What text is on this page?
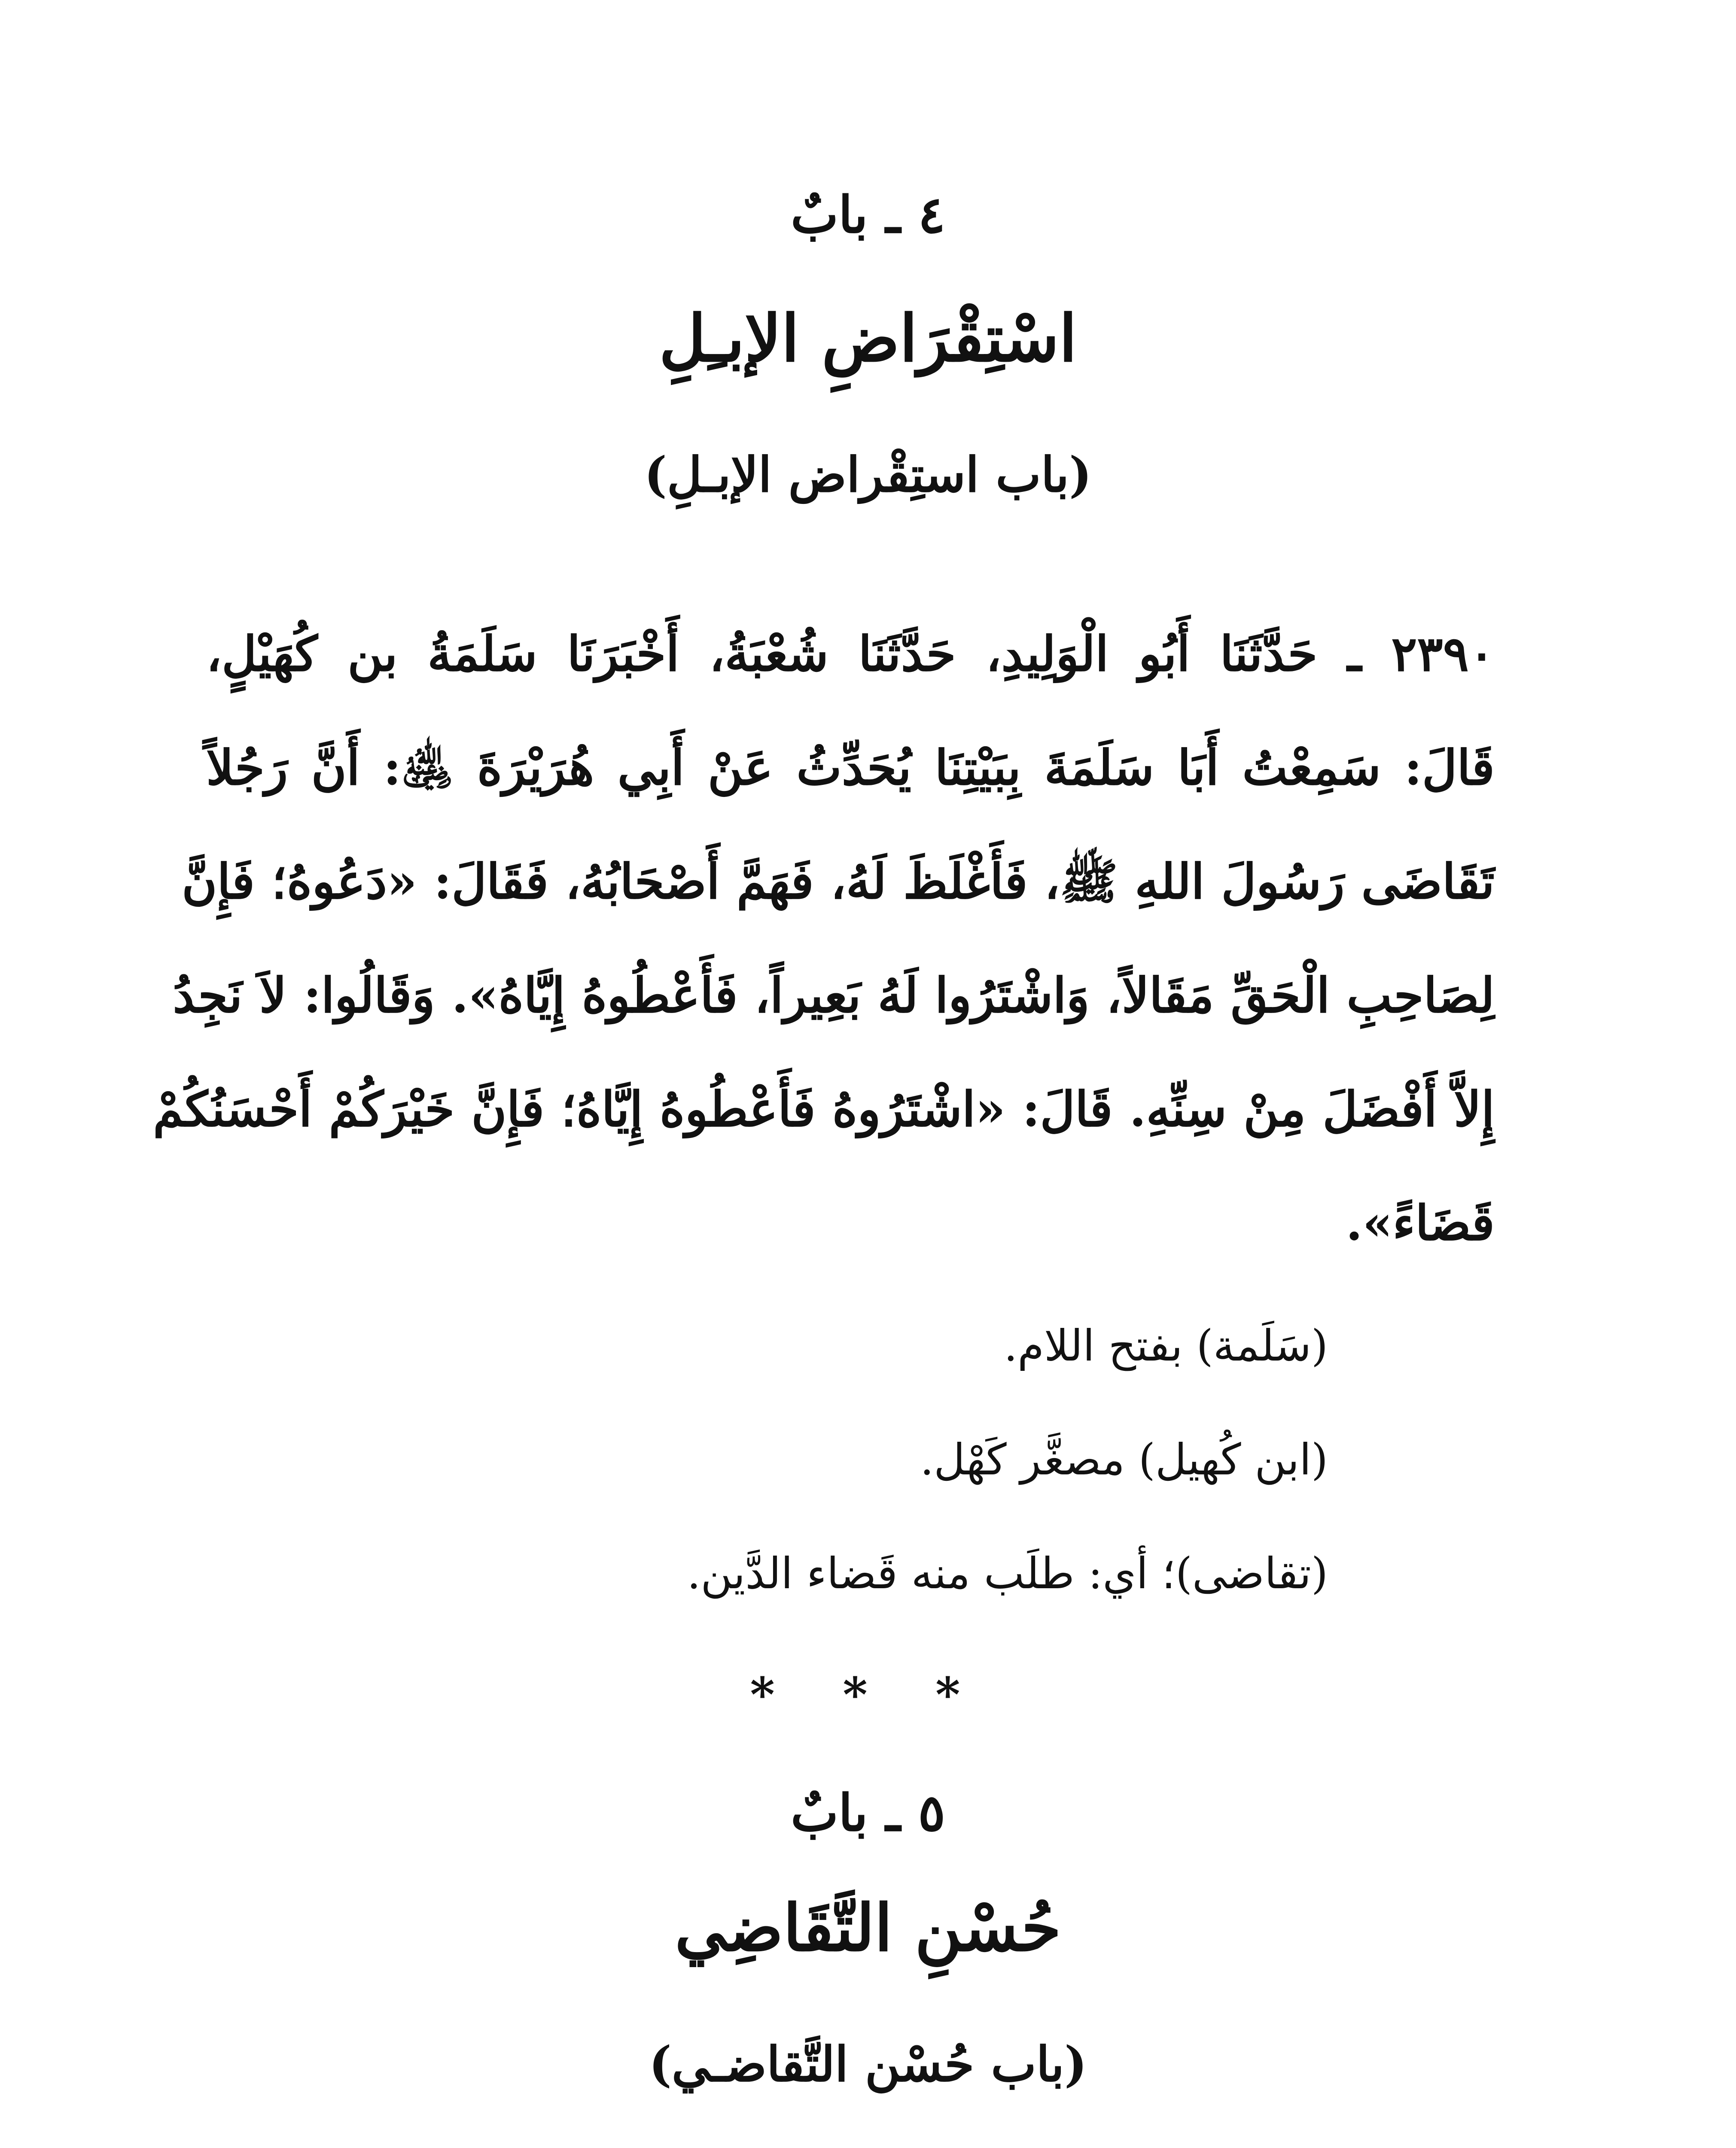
٤ ـ بابٌ
اسْتِقْرَاضِ الإبـِلِ
(باب استِقْراض الإبـلِ)
٢٣٩٠ ـ حَدَّثَنَا أَبُو الْوَلِيدِ، حَدَّثَنَا شُعْبَةُ، أَخْبَرَنَا سَلَمَةُ بن كُهَيْلٍ،
قَالَ: سَمِعْتُ أَبَا سَلَمَةَ بِبَيْتِنَا يُحَدِّثُ عَنْ أَبِي هُرَيْرَةَ ﵁: أَنَّ رَجُلاً
تَقَاضَى رَسُولَ اللهِ ﷺ، فَأَغْلَظَ لَهُ، فَهَمَّ أَصْحَابُهُ، فَقَالَ: «دَعُوهُ؛ فَإِنَّ
لِصَاحِبِ الْحَقِّ مَقَالاً، وَاشْتَرُوا لَهُ بَعِيراً، فَأَعْطُوهُ إِيَّاهُ». وَقَالُوا: لاَ نَجِدُ
إِلاَّ أَفْضَلَ مِنْ سِنِّهِ. قَالَ: «اشْتَرُوهُ فَأَعْطُوهُ إِيَّاهُ؛ فَإِنَّ خَيْرَكُمْ أَحْسَنُكُمْ
قَضَاءً».
(سَلَمة) بفتح اللام.
(ابن كُهيل) مصغَّر كَهْل.
(تقاضى)؛ أي: طلَب منه قَضاء الدَّين.
* * *
٥ ـ بابٌ
حُسْنِ التَّقَاضِي
(باب حُسْن التَّقاضـي)
